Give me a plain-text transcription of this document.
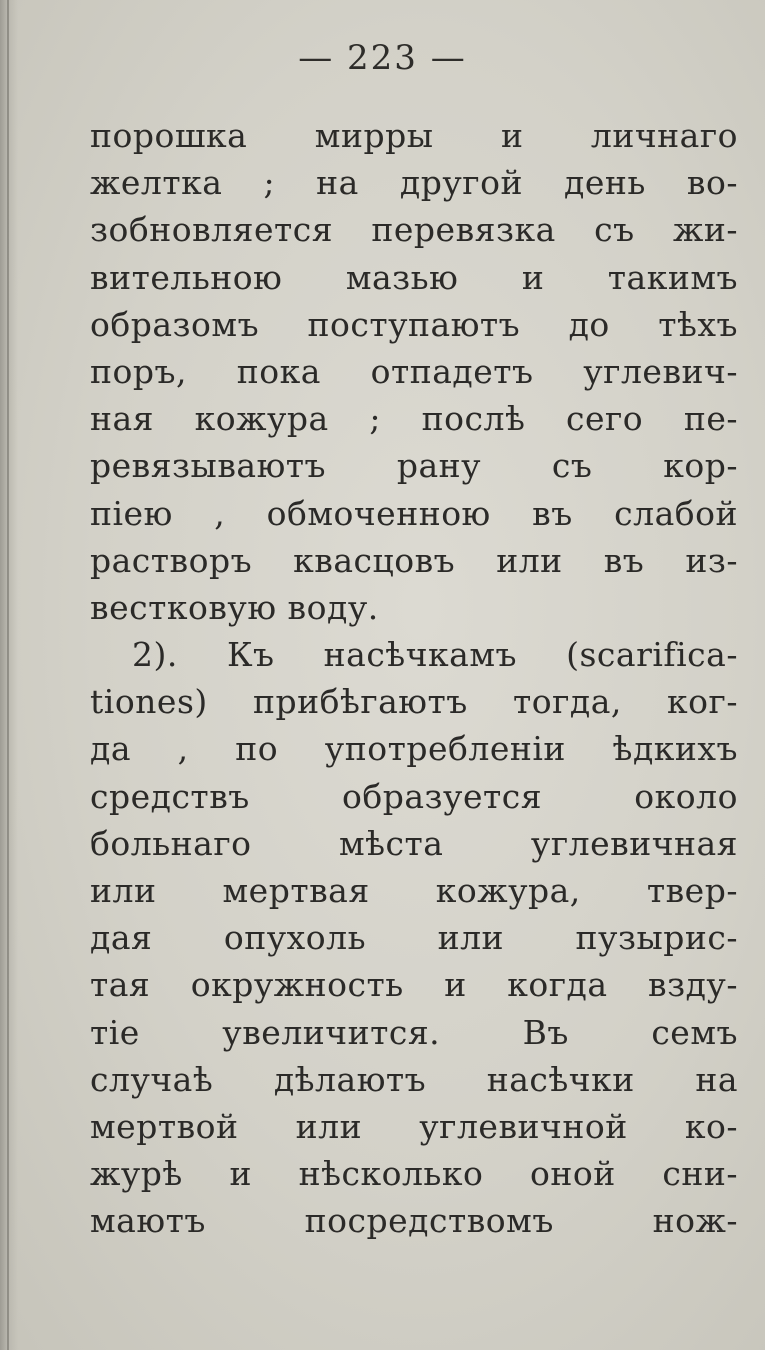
— 223 —
порошка мирры и личнаго
желтка ; на другой день во-
зобновляется перевязка съ жи-
вительною мазью и такимъ
образомъ поступаютъ до тѣхъ
поръ, пока отпадетъ углевич-
ная кожура ; послѣ сего пе-
ревязываютъ рану съ кор-
піею , обмоченною въ слабой
растворъ квасцовъ или въ из-
вестковую воду.
2). Къ насѣчкамъ (scarifica-
tiones) прибѣгаютъ тогда, ког-
да , по употребленіи ѣдкихъ
средствъ образуется около
больнаго мѣста углевичная
или мертвая кожура, твер-
дая опухоль или пузырис-
тая окружность и когда взду-
тіе увеличится. Въ семъ
случаѣ дѣлаютъ насѣчки на
мертвой или углевичной ко-
журѣ и нѣсколько оной сни-
маютъ посредствомъ нож-
